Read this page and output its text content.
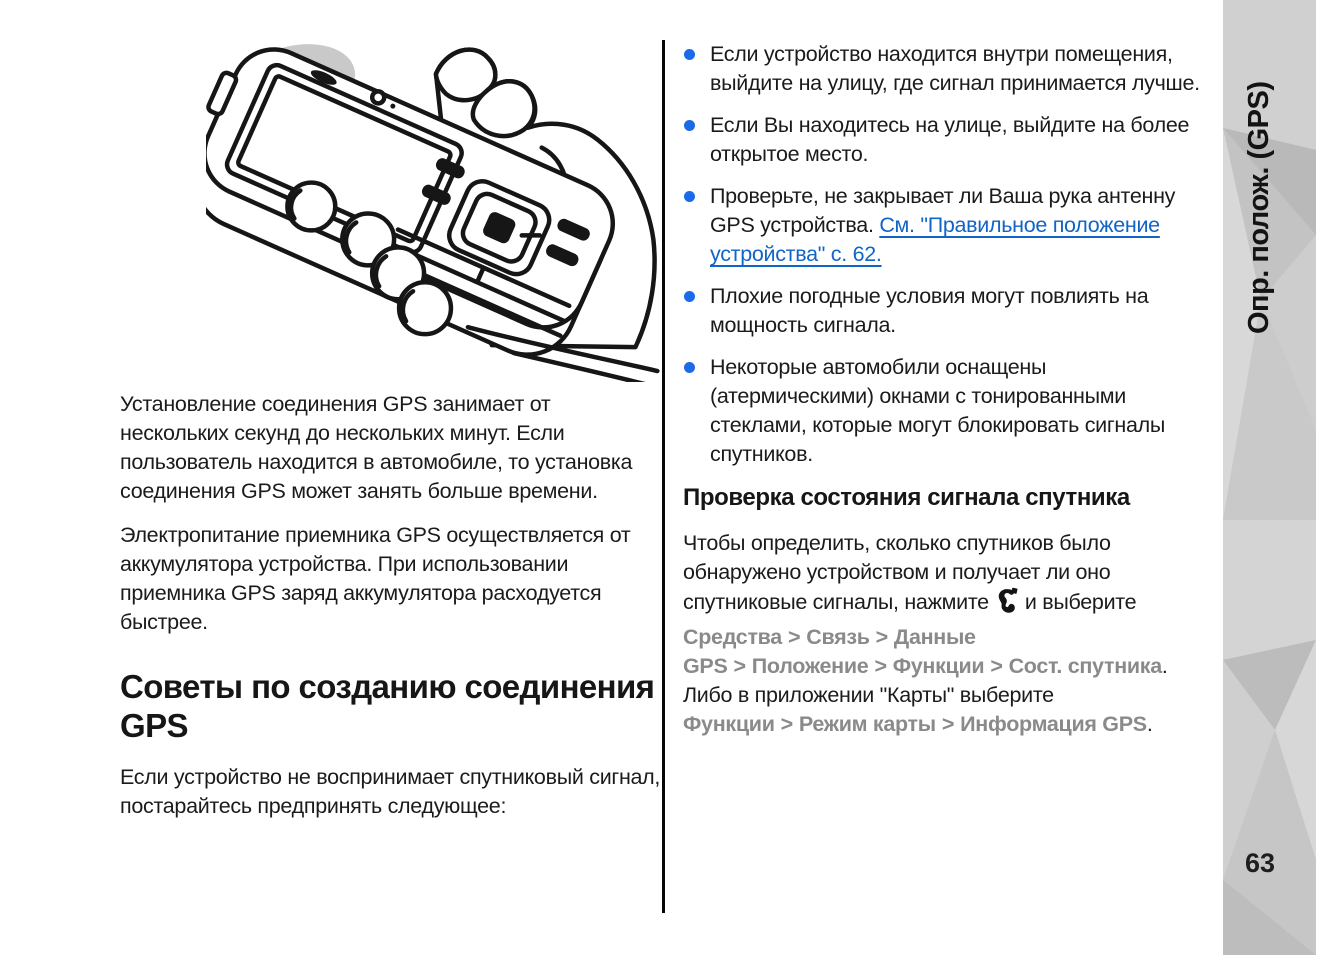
Установление соединения GPS занимает от нескольких секунд до нескольких минут. Если пользователь находится в автомобиле, то установка соединения GPS может занять больше времени.

Электропитание приемника GPS осуществляется от аккумулятора устройства. При использовании приемника GPS заряд аккумулятора расходуется быстрее.

Советы по созданию соединения GPS

Если устройство не воспринимает спутниковый сигнал, постарайтесь предпринять следующее:

Если устройство находится внутри помещения, выйдите на улицу, где сигнал принимается лучше.
Если Вы находитесь на улице, выйдите на более открытое место.
Проверьте, не закрывает ли Ваша рука антенну GPS устройства. См. "Правильное положение устройства" с. 62.
Плохие погодные условия могут повлиять на мощность сигнала.
Некоторые автомобили оснащены (атермическими) окнами с тонированными стеклами, которые могут блокировать сигналы спутников.
Проверка состояния сигнала спутника

Чтобы определить, сколько спутников было обнаружено устройством и получает ли оно спутниковые сигналы, нажмите и выберите Средства > Связь > Данные GPS > Положение > Функции > Сост. спутника. Либо в приложении "Карты" выберите Функции > Режим карты > Информация GPS.

Опр. полож. (GPS)
63
